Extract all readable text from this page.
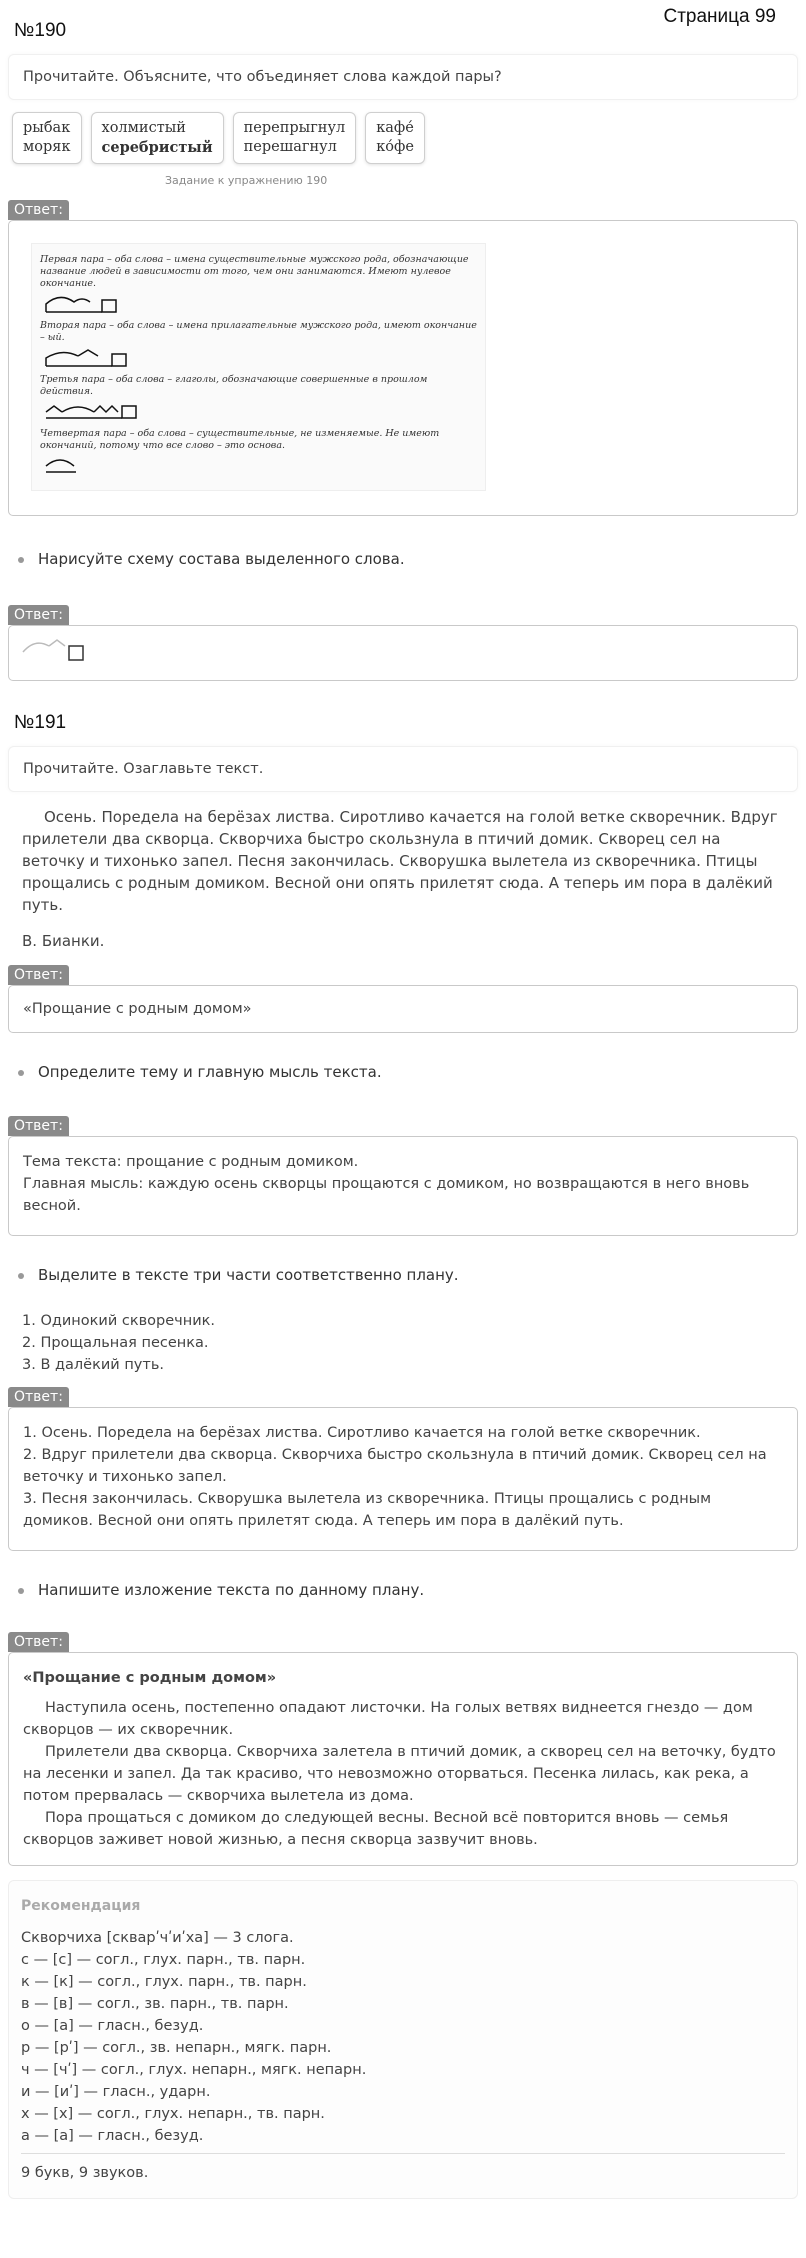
Страница 99
№190
Прочитайте. Объясните, что объединяет слова каждой пары?
рыбак
моряк
холмистый
серебристый
перепрыгнул
перешагнул
кафе́
ко́фе
Задание к упражнению 190
Ответ:

Первая пара – оба слова – имена существительные мужского рода, обозначающие название людей в зависимости от того, чем они занимаются. Имеют нулевое окончание.

Вторая пара – оба слова – имена прилагательные мужского рода, имеют окончание – ый.

Третья пара – оба слова – глаголы, обозначающие совершенные в прошлом действия.

Четвертая пара – оба слова – существительные, не изменяемые. Не имеют окончаний, потому что все слово – это основа.

Нарисуйте схему состава выделенного слова.
Ответ:
№191
Прочитайте. Озаглавьте текст.

Осень. Поредела на берёзах листва. Сиротливо качается на голой ветке скворечник. Вдруг прилетели два скворца. Скворчиха быстро скользнула в птичий домик. Скворец сел на веточку и тихонько запел. Песня закончилась. Скворушка вылетела из скворечника. Птицы прощались с родным домиком. Весной они опять прилетят сюда. А теперь им пора в далёкий путь.

В. Бианки.

Ответ:
«Прощание с родным домом»
Определите тему и главную мысль текста.
Ответ:
Тема текста: прощание с родным домиком.
Главная мысль: каждую осень скворцы прощаются с домиком, но возвращаются в него вновь весной.
Выделите в тексте три части соответственно плану.
1. Одинокий скворечник.
2. Прощальная песенка.
3. В далёкий путь.
Ответ:
1. Осень. Поредела на берёзах листва. Сиротливо качается на голой ветке скворечник.
2. Вдруг прилетели два скворца. Скворчиха быстро скользнула в птичий домик. Скворец сел на веточку и тихонько запел.
3. Песня закончилась. Скворушка вылетела из скворечника. Птицы прощались с родным домиков. Весной они опять прилетят сюда. А теперь им пора в далёкий путь.
Напишите изложение текста по данному плану.
Ответ:
«Прощание с родным домом»

Наступила осень, постепенно опадают листочки. На голых ветвях виднеется гнездо — дом скворцов — их скворечник.

Прилетели два скворца. Скворчиха залетела в птичий домик, а скворец сел на веточку, будто на лесенки и запел. Да так красиво, что невозможно оторваться. Песенка лилась, как река, а потом прервалась — скворчиха вылетела из дома.

Пора прощаться с домиком до следующей весны. Весной всё повторится вновь — семья скворцов заживет новой жизнью, а песня скворца зазвучит вновь.

Рекомендация
Скворчиха [скварʹчʹиʹха] — 3 слога.
с — [с] — согл., глух. парн., тв. парн.
к — [к] — согл., глух. парн., тв. парн.
в — [в] — согл., зв. парн., тв. парн.
о — [а] — гласн., безуд.
р — [рʹ] — согл., зв. непарн., мягк. парн.
ч — [чʹ] — согл., глух. непарн., мягк. непарн.
и — [иʹ] — гласн., ударн.
х — [х] — согл., глух. непарн., тв. парн.
а — [а] — гласн., безуд.
9 букв, 9 звуков.
